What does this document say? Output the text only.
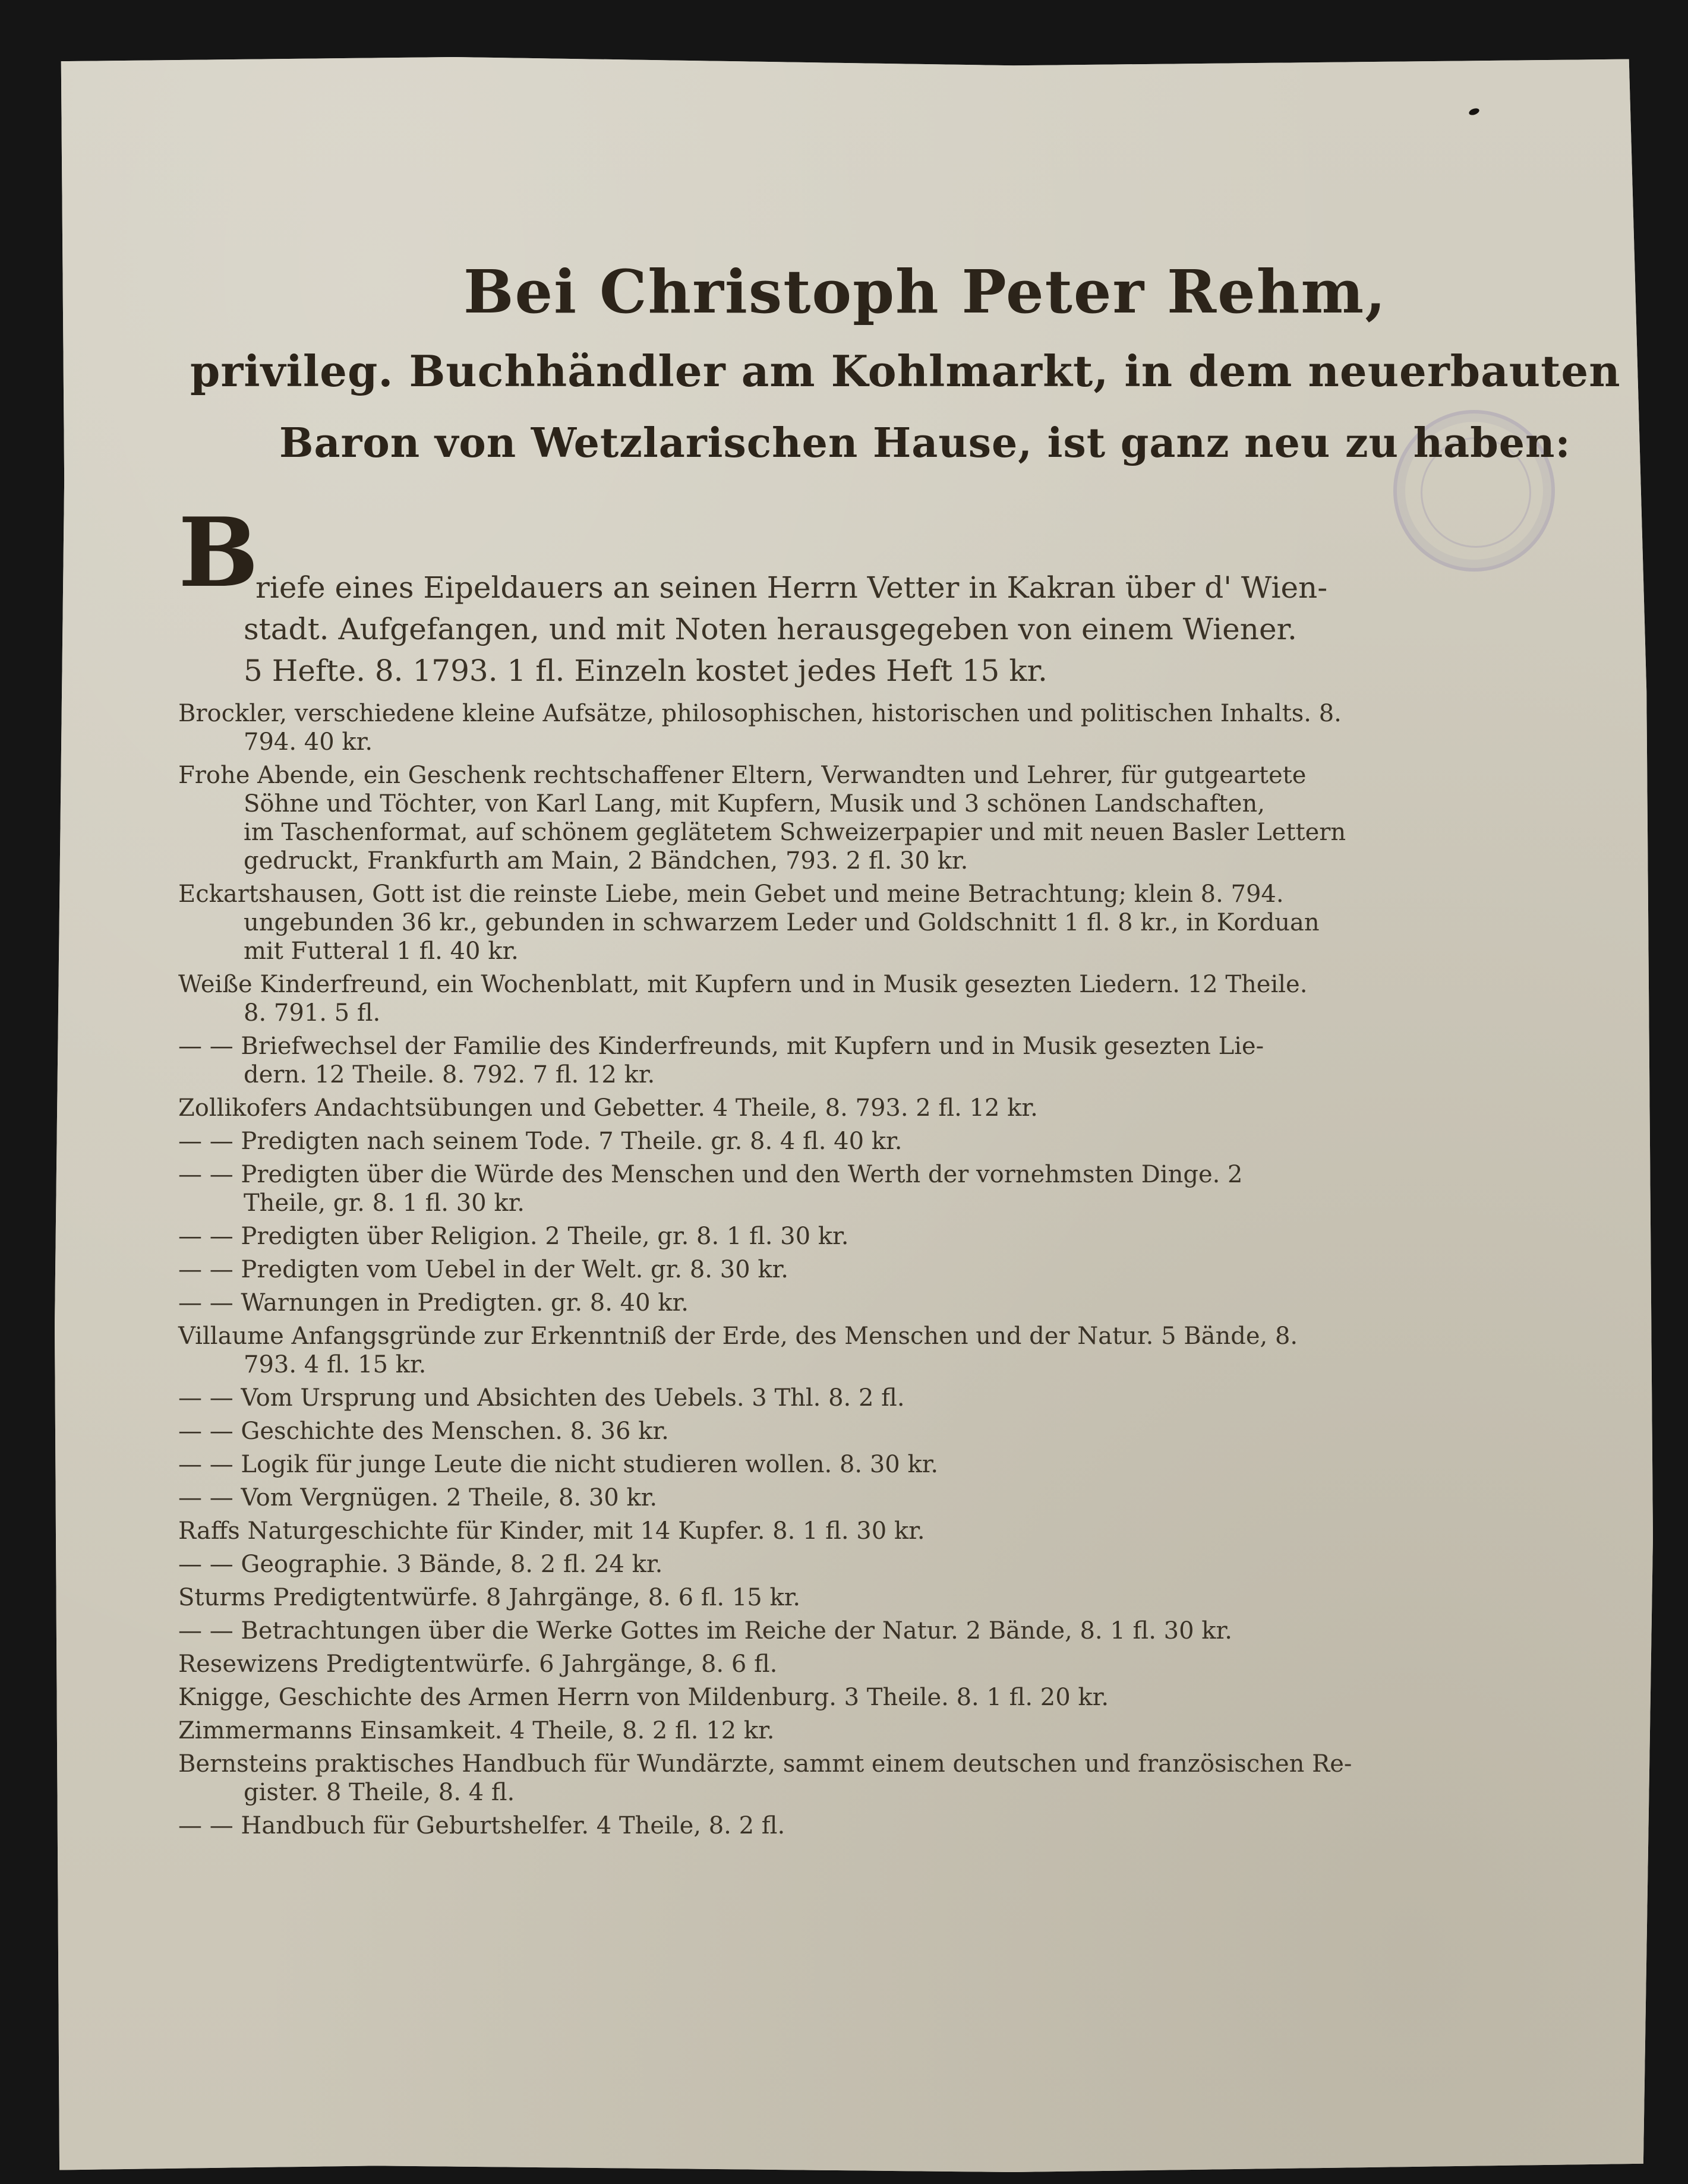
Bei Christoph Peter Rehm,
privileg. Buchhändler am Kohlmarkt, in dem neuerbauten
Baron von Wetzlarischen Hause, ist ganz neu zu haben:
B

riefe eines Eipeldauers an seinen Herrn Vetter in Kakran über d' Wien-

stadt. Aufgefangen, und mit Noten herausgegeben von einem Wiener.

5 Hefte. 8. 1793. 1 fl. Einzeln kostet jedes Heft 15 kr.

Brockler, verschiedene kleine Aufsätze, philosophischen, historischen und politischen Inhalts. 8.

794. 40 kr.

Frohe Abende, ein Geschenk rechtschaffener Eltern, Verwandten und Lehrer, für gutgeartete

Söhne und Töchter, von Karl Lang, mit Kupfern, Musik und 3 schönen Landschaften,

im Taschenformat, auf schönem geglätetem Schweizerpapier und mit neuen Basler Lettern

gedruckt, Frankfurth am Main, 2 Bändchen, 793. 2 fl. 30 kr.

Eckartshausen, Gott ist die reinste Liebe, mein Gebet und meine Betrachtung; klein 8. 794.

ungebunden 36 kr., gebunden in schwarzem Leder und Goldschnitt 1 fl. 8 kr., in Korduan

mit Futteral 1 fl. 40 kr.

Weiße Kinderfreund, ein Wochenblatt, mit Kupfern und in Musik gesezten Liedern. 12 Theile.

8. 791. 5 fl.

— — Briefwechsel der Familie des Kinderfreunds, mit Kupfern und in Musik gesezten Lie-

dern. 12 Theile. 8. 792. 7 fl. 12 kr.

Zollikofers Andachtsübungen und Gebetter. 4 Theile, 8. 793. 2 fl. 12 kr.

— — Predigten nach seinem Tode. 7 Theile. gr. 8. 4 fl. 40 kr.

— — Predigten über die Würde des Menschen und den Werth der vornehmsten Dinge. 2

Theile, gr. 8. 1 fl. 30 kr.

— — Predigten über Religion. 2 Theile, gr. 8. 1 fl. 30 kr.

— — Predigten vom Uebel in der Welt. gr. 8. 30 kr.

— — Warnungen in Predigten. gr. 8. 40 kr.

Villaume Anfangsgründe zur Erkenntniß der Erde, des Menschen und der Natur. 5 Bände, 8.

793. 4 fl. 15 kr.

— — Vom Ursprung und Absichten des Uebels. 3 Thl. 8. 2 fl.

— — Geschichte des Menschen. 8. 36 kr.

— — Logik für junge Leute die nicht studieren wollen. 8. 30 kr.

— — Vom Vergnügen. 2 Theile, 8. 30 kr.

Raffs Naturgeschichte für Kinder, mit 14 Kupfer. 8. 1 fl. 30 kr.

— — Geographie. 3 Bände, 8. 2 fl. 24 kr.

Sturms Predigtentwürfe. 8 Jahrgänge, 8. 6 fl. 15 kr.

— — Betrachtungen über die Werke Gottes im Reiche der Natur. 2 Bände, 8. 1 fl. 30 kr.

Resewizens Predigtentwürfe. 6 Jahrgänge, 8. 6 fl.

Knigge, Geschichte des Armen Herrn von Mildenburg. 3 Theile. 8. 1 fl. 20 kr.

Zimmermanns Einsamkeit. 4 Theile, 8. 2 fl. 12 kr.

Bernsteins praktisches Handbuch für Wundärzte, sammt einem deutschen und französischen Re-

gister. 8 Theile, 8. 4 fl.

— — Handbuch für Geburtshelfer. 4 Theile, 8. 2 fl.
